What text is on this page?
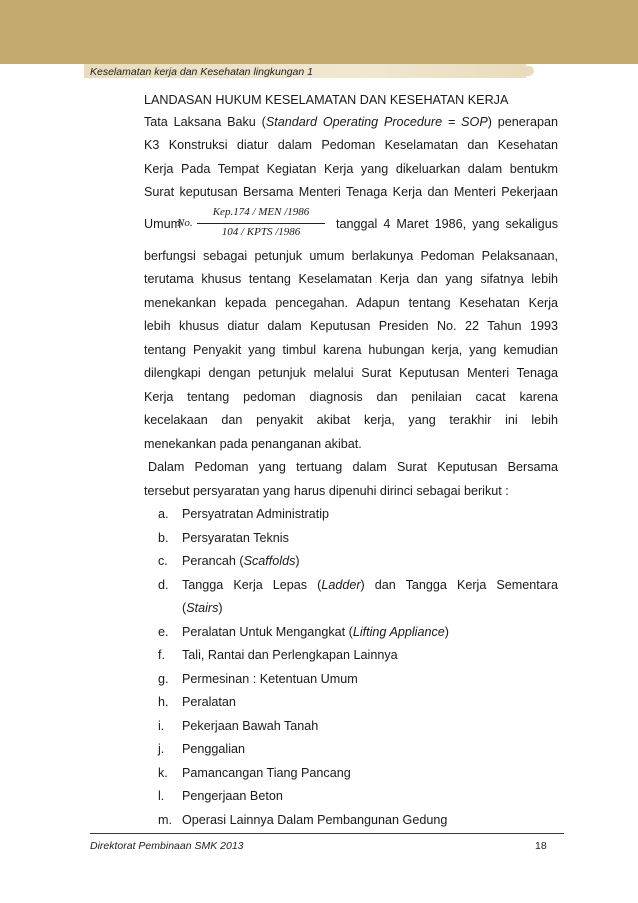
Keselamatan kerja dan Kesehatan lingkungan 1
LANDASAN HUKUM KESELAMATAN DAN KESEHATAN KERJA
Tata Laksana Baku (Standard Operating Procedure = SOP) penerapan
K3 Konstruksi diatur dalam Pedoman Keselamatan dan Kesehatan
Kerja Pada Tempat Kegiatan Kerja yang dikeluarkan dalam bentukm
Surat keputusan Bersama Menteri Tenaga Kerja dan Menteri Pekerjaan
Umum
No.
Kep.174 / MEN /1986
104 / KPTS /1986
tanggal 4 Maret 1986, yang sekaligus
berfungsi sebagai petunjuk umum berlakunya Pedoman Pelaksanaan,
terutama khusus tentang Keselamatan Kerja dan yang sifatnya lebih
menekankan kepada pencegahan. Adapun tentang Kesehatan Kerja
lebih khusus diatur dalam Keputusan Presiden No. 22 Tahun 1993
tentang Penyakit yang timbul karena hubungan kerja, yang kemudian
dilengkapi dengan petunjuk melalui Surat Keputusan Menteri Tenaga
Kerja tentang pedoman diagnosis dan penilaian cacat karena
kecelakaan dan penyakit akibat kerja, yang terakhir ini lebih
menekankan pada penanganan akibat.
Dalam Pedoman yang tertuang dalam Surat Keputusan Bersama
tersebut persyaratan yang harus dipenuhi dirinci sebagai berikut :
a. Persyatratan Administratip
b. Persyaratan Teknis
c. Perancah (Scaffolds)
d. Tangga Kerja Lepas (Ladder) dan Tangga Kerja Sementara
(Stairs)
e. Peralatan Untuk Mengangkat (Lifting Appliance)
f. Tali, Rantai dan Perlengkapan Lainnya
g. Permesinan : Ketentuan Umum
h. Peralatan
i. Pekerjaan Bawah Tanah
j. Penggalian
k. Pamancangan Tiang Pancang
l. Pengerjaan Beton
m. Operasi Lainnya Dalam Pembangunan Gedung
Direktorat Pembinaan SMK 2013	18
